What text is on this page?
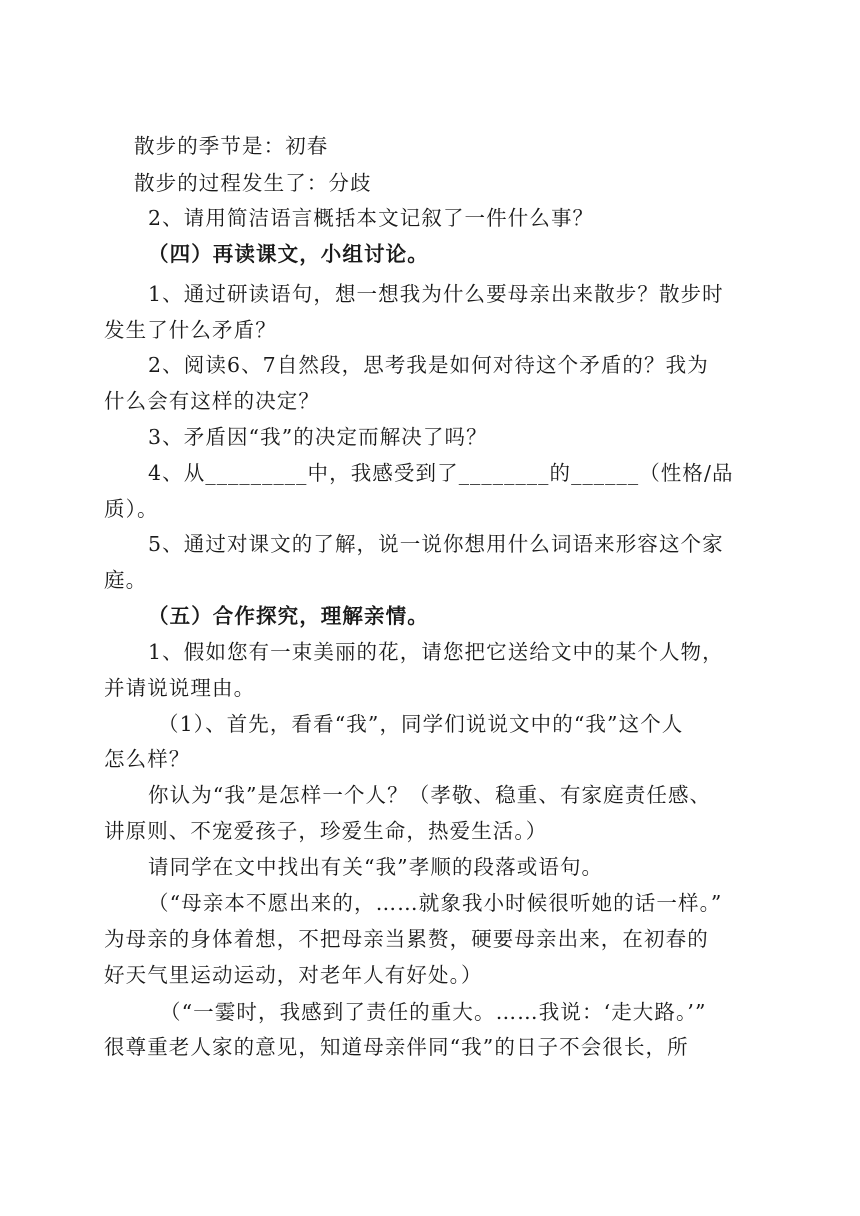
散步的季节是：初春
散步的过程发生了：分歧
2、请用简洁语言概括本文记叙了一件什么事？
（四）再读课文，小组讨论。
1、通过研读语句，想一想我为什么要母亲出来散步？散步时
发生了什么矛盾？
2、阅读6、7自然段，思考我是如何对待这个矛盾的？我为
什么会有这样的决定？
3、矛盾因“我”的决定而解决了吗？
4、从_________中，我感受到了________的______（性格/品
质）。
5、通过对课文的了解，说一说你想用什么词语来形容这个家
庭。
（五）合作探究，理解亲情。
1、假如您有一束美丽的花，请您把它送给文中的某个人物，
并请说说理由。
（1）、首先，看看“我”，同学们说说文中的“我”这个人
怎么样？
你认为“我”是怎样一个人？（孝敬、稳重、有家庭责任感、
讲原则、不宠爱孩子，珍爱生命，热爱生活。）
请同学在文中找出有关“我”孝顺的段落或语句。
（“母亲本不愿出来的，……就象我小时候很听她的话一样。”
为母亲的身体着想，不把母亲当累赘，硬要母亲出来，在初春的
好天气里运动运动，对老年人有好处。）
（“一霎时，我感到了责任的重大。……我说：‘走大路。’”
很尊重老人家的意见，知道母亲伴同“我”的日子不会很长，所
